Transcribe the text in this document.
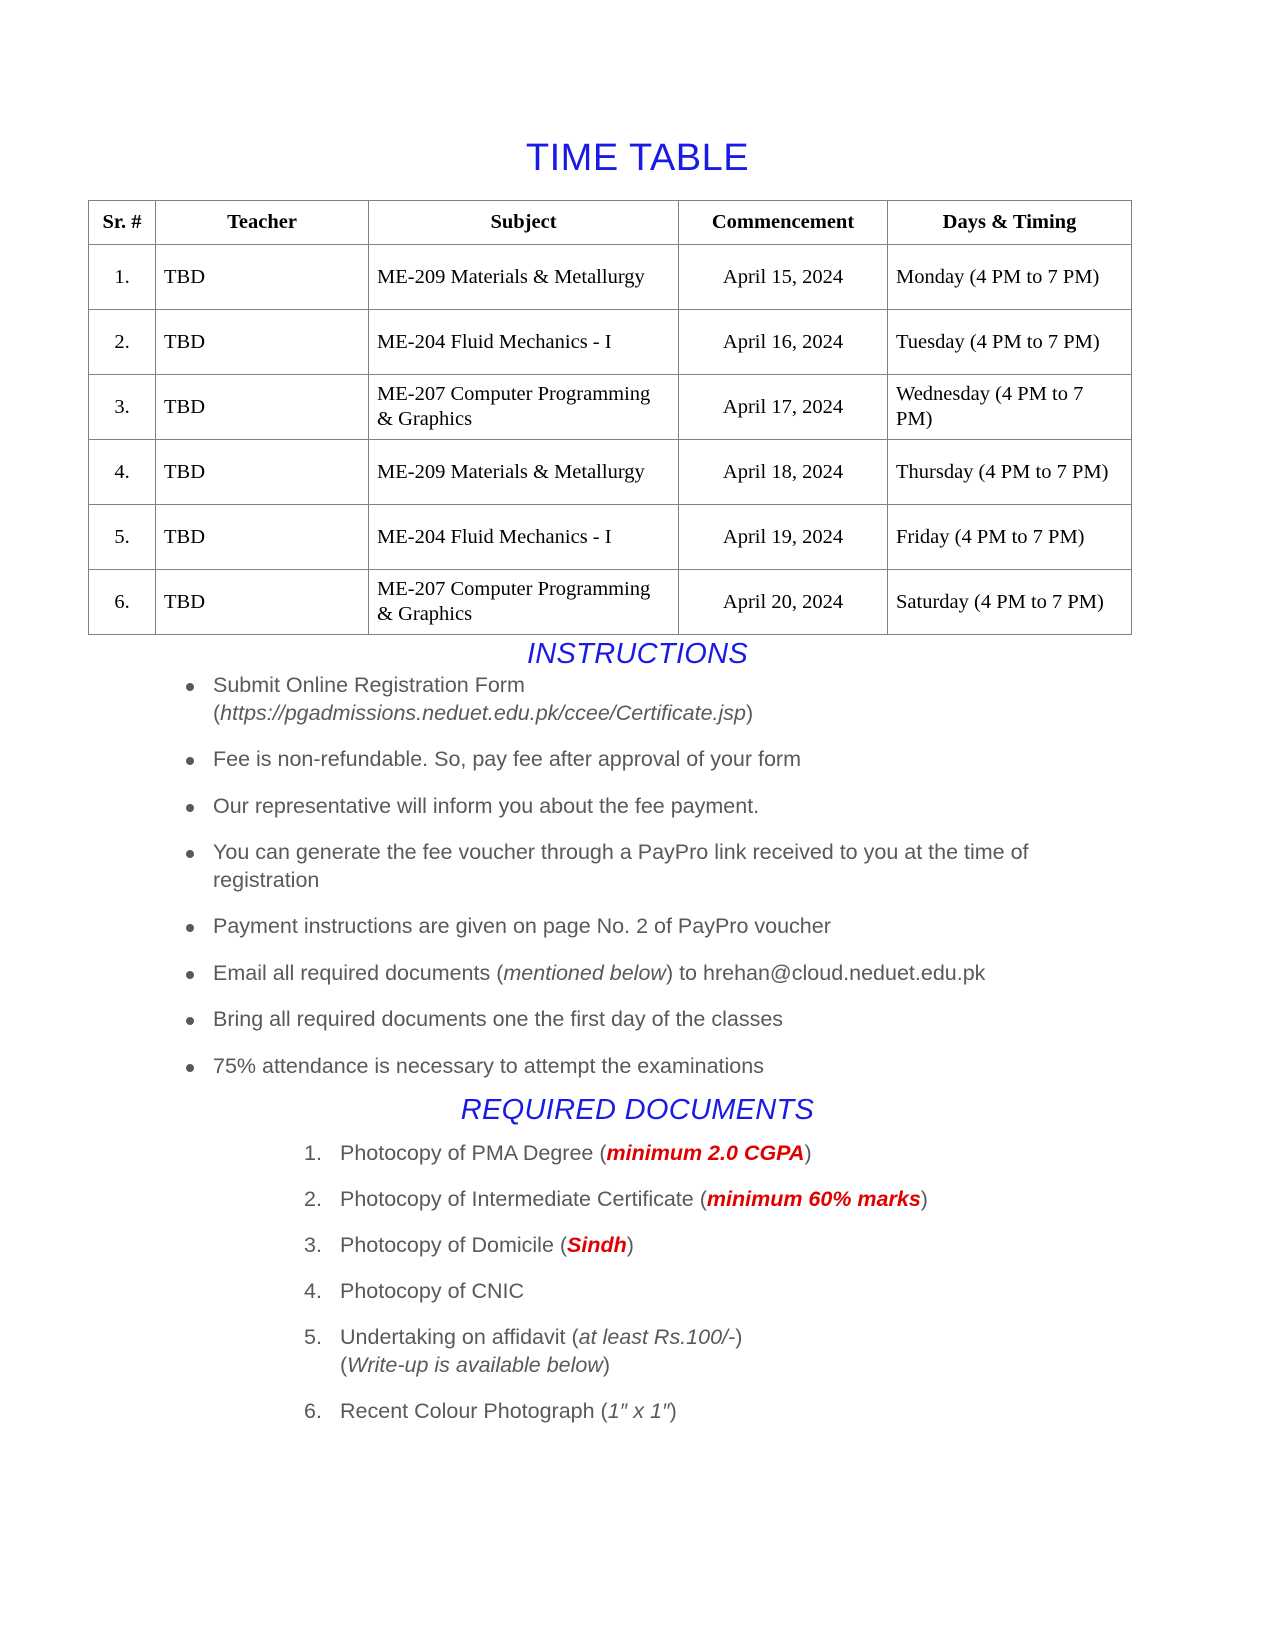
TIME TABLE
Sr. #	Teacher	Subject	Commencement	Days & Timing
1.	TBD	ME-209 Materials & Metallurgy	April 15, 2024	Monday (4 PM to 7 PM)
2.	TBD	ME-204 Fluid Mechanics - I	April 16, 2024	Tuesday (4 PM to 7 PM)
3.	TBD	ME-207 Computer Programming & Graphics	April 17, 2024	Wednesday (4 PM to 7 PM)
4.	TBD	ME-209 Materials & Metallurgy	April 18, 2024	Thursday (4 PM to 7 PM)
5.	TBD	ME-204 Fluid Mechanics - I	April 19, 2024	Friday (4 PM to 7 PM)
6.	TBD	ME-207 Computer Programming & Graphics	April 20, 2024	Saturday (4 PM to 7 PM)
INSTRUCTIONS
Submit Online Registration Form
(https://pgadmissions.neduet.edu.pk/ccee/Certificate.jsp)
Fee is non-refundable. So, pay fee after approval of your form
Our representative will inform you about the fee payment.
You can generate the fee voucher through a PayPro link received to you at the time of registration
Payment instructions are given on page No. 2 of PayPro voucher
Email all required documents (mentioned below) to hrehan@cloud.neduet.edu.pk
Bring all required documents one the first day of the classes
75% attendance is necessary to attempt the examinations
REQUIRED DOCUMENTS
1. Photocopy of PMA Degree (minimum 2.0 CGPA)
2. Photocopy of Intermediate Certificate (minimum 60% marks)
3. Photocopy of Domicile (Sindh)
4. Photocopy of CNIC
5. Undertaking on affidavit (at least Rs.100/-)
(Write-up is available below)
6. Recent Colour Photograph (1″ x 1″)
